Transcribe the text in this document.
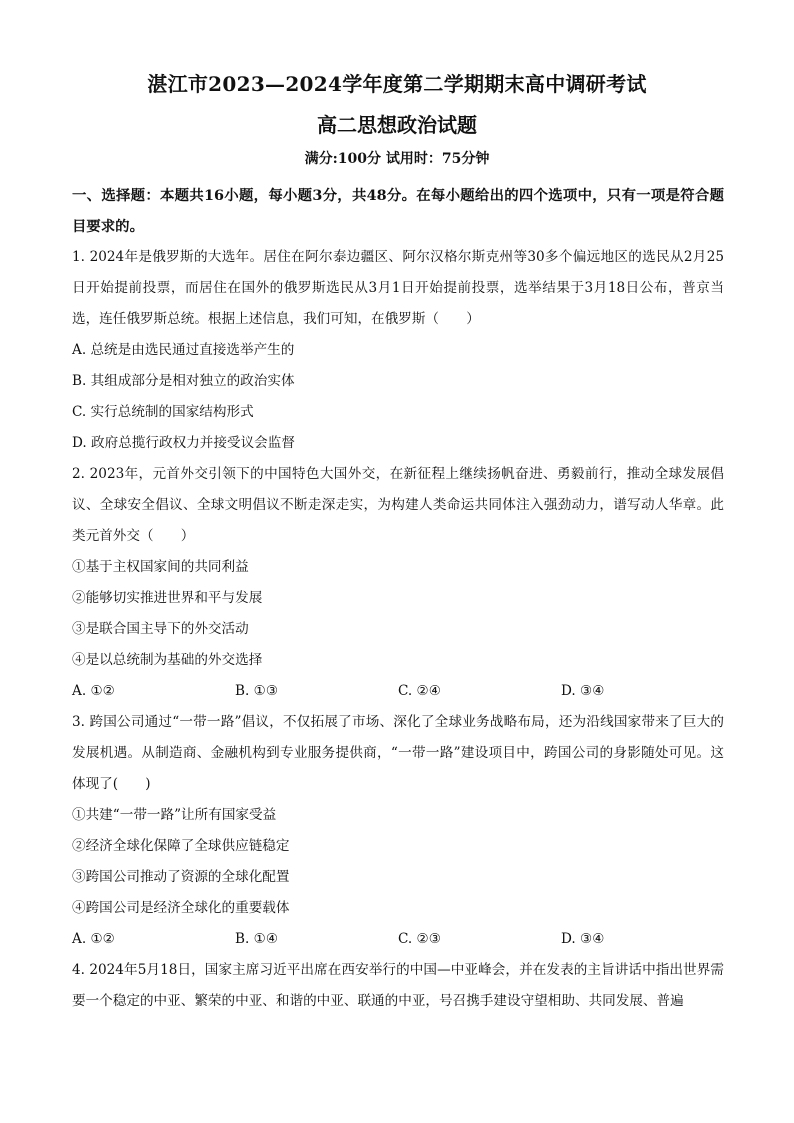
湛江市2023—2024学年度第二学期期末高中调研考试
高二思想政治试题
满分:100分 试用时：75分钟
一、选择题：本题共16小题，每小题3分，共48分。在每小题给出的四个选项中，只有一项是符合题目要求的。
1. 2024年是俄罗斯的大选年。居住在阿尔泰边疆区、阿尔汉格尔斯克州等30多个偏远地区的选民从2月25日开始提前投票，而居住在国外的俄罗斯选民从3月1日开始提前投票，选举结果于3月18日公布，普京当选，连任俄罗斯总统。根据上述信息，我们可知，在俄罗斯（　　）
A. 总统是由选民通过直接选举产生的
B. 其组成部分是相对独立的政治实体
C. 实行总统制的国家结构形式
D. 政府总揽行政权力并接受议会监督
2. 2023年，元首外交引领下的中国特色大国外交，在新征程上继续扬帆奋进、勇毅前行，推动全球发展倡议、全球安全倡议、全球文明倡议不断走深走实，为构建人类命运共同体注入强劲动力，谱写动人华章。此类元首外交（　　）
①基于主权国家间的共同利益
②能够切实推进世界和平与发展
③是联合国主导下的外交活动
④是以总统制为基础的外交选择
A. ①②	B. ①③	C. ②④	D. ③④
3. 跨国公司通过“一带一路”倡议，不仅拓展了市场、深化了全球业务战略布局，还为沿线国家带来了巨大的发展机遇。从制造商、金融机构到专业服务提供商，“一带一路”建设项目中，跨国公司的身影随处可见。这体现了(　　)
①共建“一带一路”让所有国家受益
②经济全球化保障了全球供应链稳定
③跨国公司推动了资源的全球化配置
④跨国公司是经济全球化的重要载体
A. ①②	B. ①④	C. ②③	D. ③④
4. 2024年5月18日，国家主席习近平出席在西安举行的中国—中亚峰会，并在发表的主旨讲话中指出世界需要一个稳定的中亚、繁荣的中亚、和谐的中亚、联通的中亚，号召携手建设守望相助、共同发展、普遍
